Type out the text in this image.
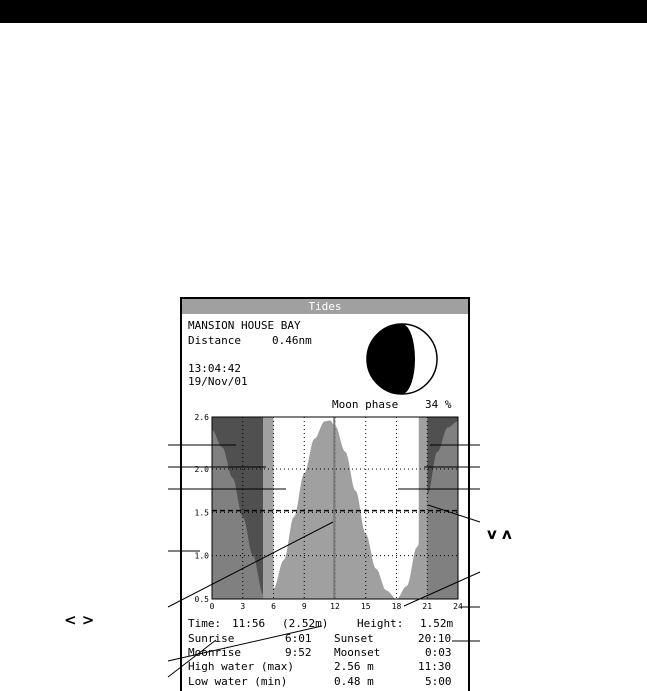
Tides
MANSION HOUSE BAY
Distance	0.46nm
13:04:42
19/Nov/01
Moon phase 34 %
0	3	6	9	12	15	18	21	24
2.6
2.0
1.5
1.0
0.5
Time: 11:56 (2.52m)	Height: 1.52m
Sunrise	6:01 Sunset	20:10
Moonrise	9:52 Moonset	0:03
High water (max)	2.56 m	11:30
Low water (min)	0.48 m	5:00
< >
v ʌ
